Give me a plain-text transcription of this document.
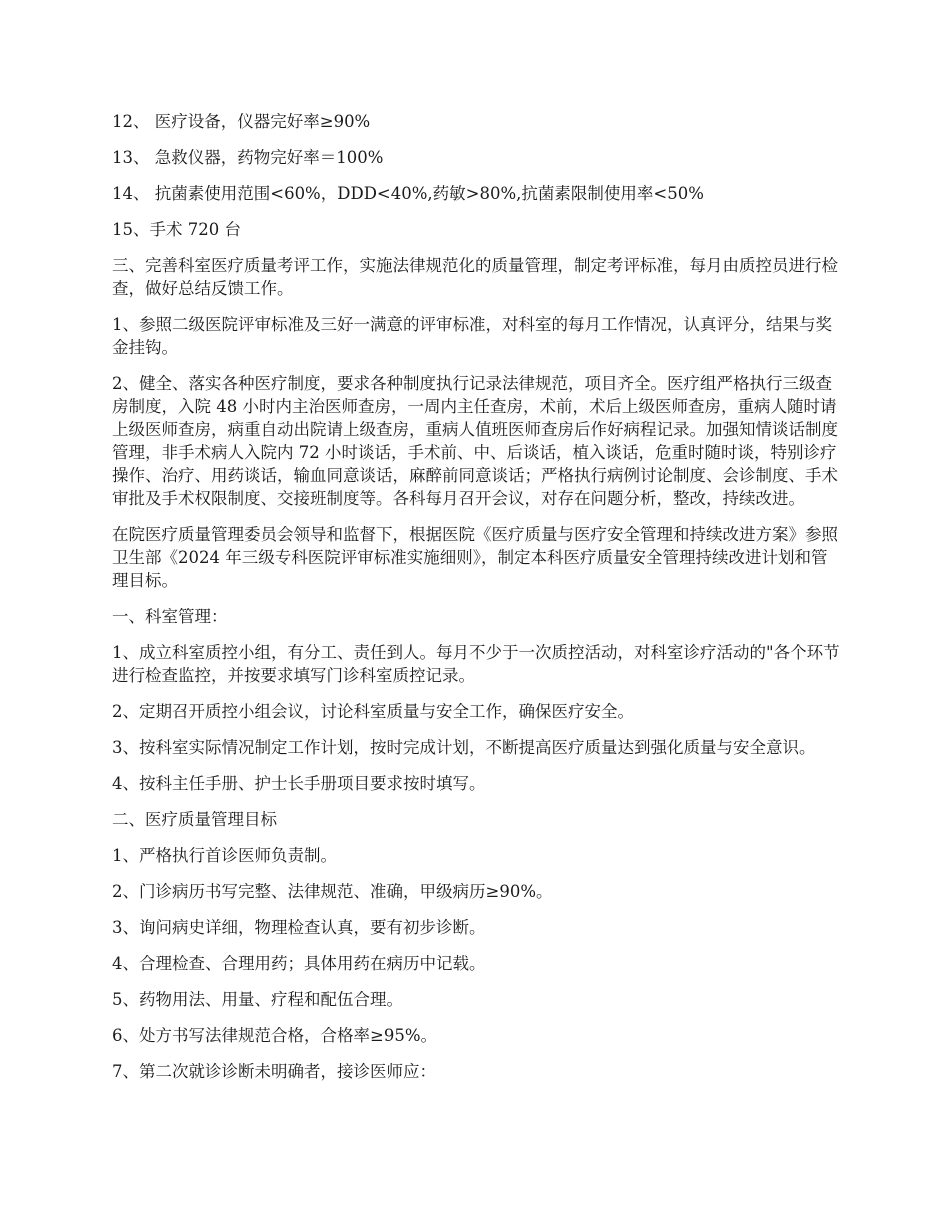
12、 医疗设备，仪器完好率≥90%

13、 急救仪器，药物完好率＝100%

14、 抗菌素使用范围<60%，DDD<40%,药敏>80%,抗菌素限制使用率<50%

15、手术 720 台

三、完善科室医疗质量考评工作，实施法律规范化的质量管理，制定考评标准，每月由质控员进行检查，做好总结反馈工作。

1、参照二级医院评审标准及三好一满意的评审标准，对科室的每月工作情况，认真评分，结果与奖金挂钩。

2、健全、落实各种医疗制度，要求各种制度执行记录法律规范，项目齐全。医疗组严格执行三级查房制度，入院 48 小时内主治医师查房，一周内主任查房，术前，术后上级医师查房，重病人随时请上级医师查房，病重自动出院请上级查房，重病人值班医师查房后作好病程记录。加强知情谈话制度管理，非手术病人入院内 72 小时谈话，手术前、中、后谈话，植入谈话，危重时随时谈，特别诊疗操作、治疗、用药谈话，输血同意谈话，麻醉前同意谈话；严格执行病例讨论制度、会诊制度、手术审批及手术权限制度、交接班制度等。各科每月召开会议，对存在问题分析，整改，持续改进。

在院医疗质量管理委员会领导和监督下，根据医院《医疗质量与医疗安全管理和持续改进方案》参照卫生部《2024 年三级专科医院评审标准实施细则》，制定本科医疗质量安全管理持续改进计划和管理目标。

一、科室管理：

1、成立科室质控小组，有分工、责任到人。每月不少于一次质控活动，对科室诊疗活动的"各个环节进行检查监控，并按要求填写门诊科室质控记录。

2、定期召开质控小组会议，讨论科室质量与安全工作，确保医疗安全。

3、按科室实际情况制定工作计划，按时完成计划，不断提高医疗质量达到强化质量与安全意识。

4、按科主任手册、护士长手册项目要求按时填写。

二、医疗质量管理目标

1、严格执行首诊医师负责制。

2、门诊病历书写完整、法律规范、准确，甲级病历≥90%。

3、询问病史详细，物理检查认真，要有初步诊断。

4、合理检查、合理用药；具体用药在病历中记载。

5、药物用法、用量、疗程和配伍合理。

6、处方书写法律规范合格，合格率≥95%。

7、第二次就诊诊断未明确者，接诊医师应：
